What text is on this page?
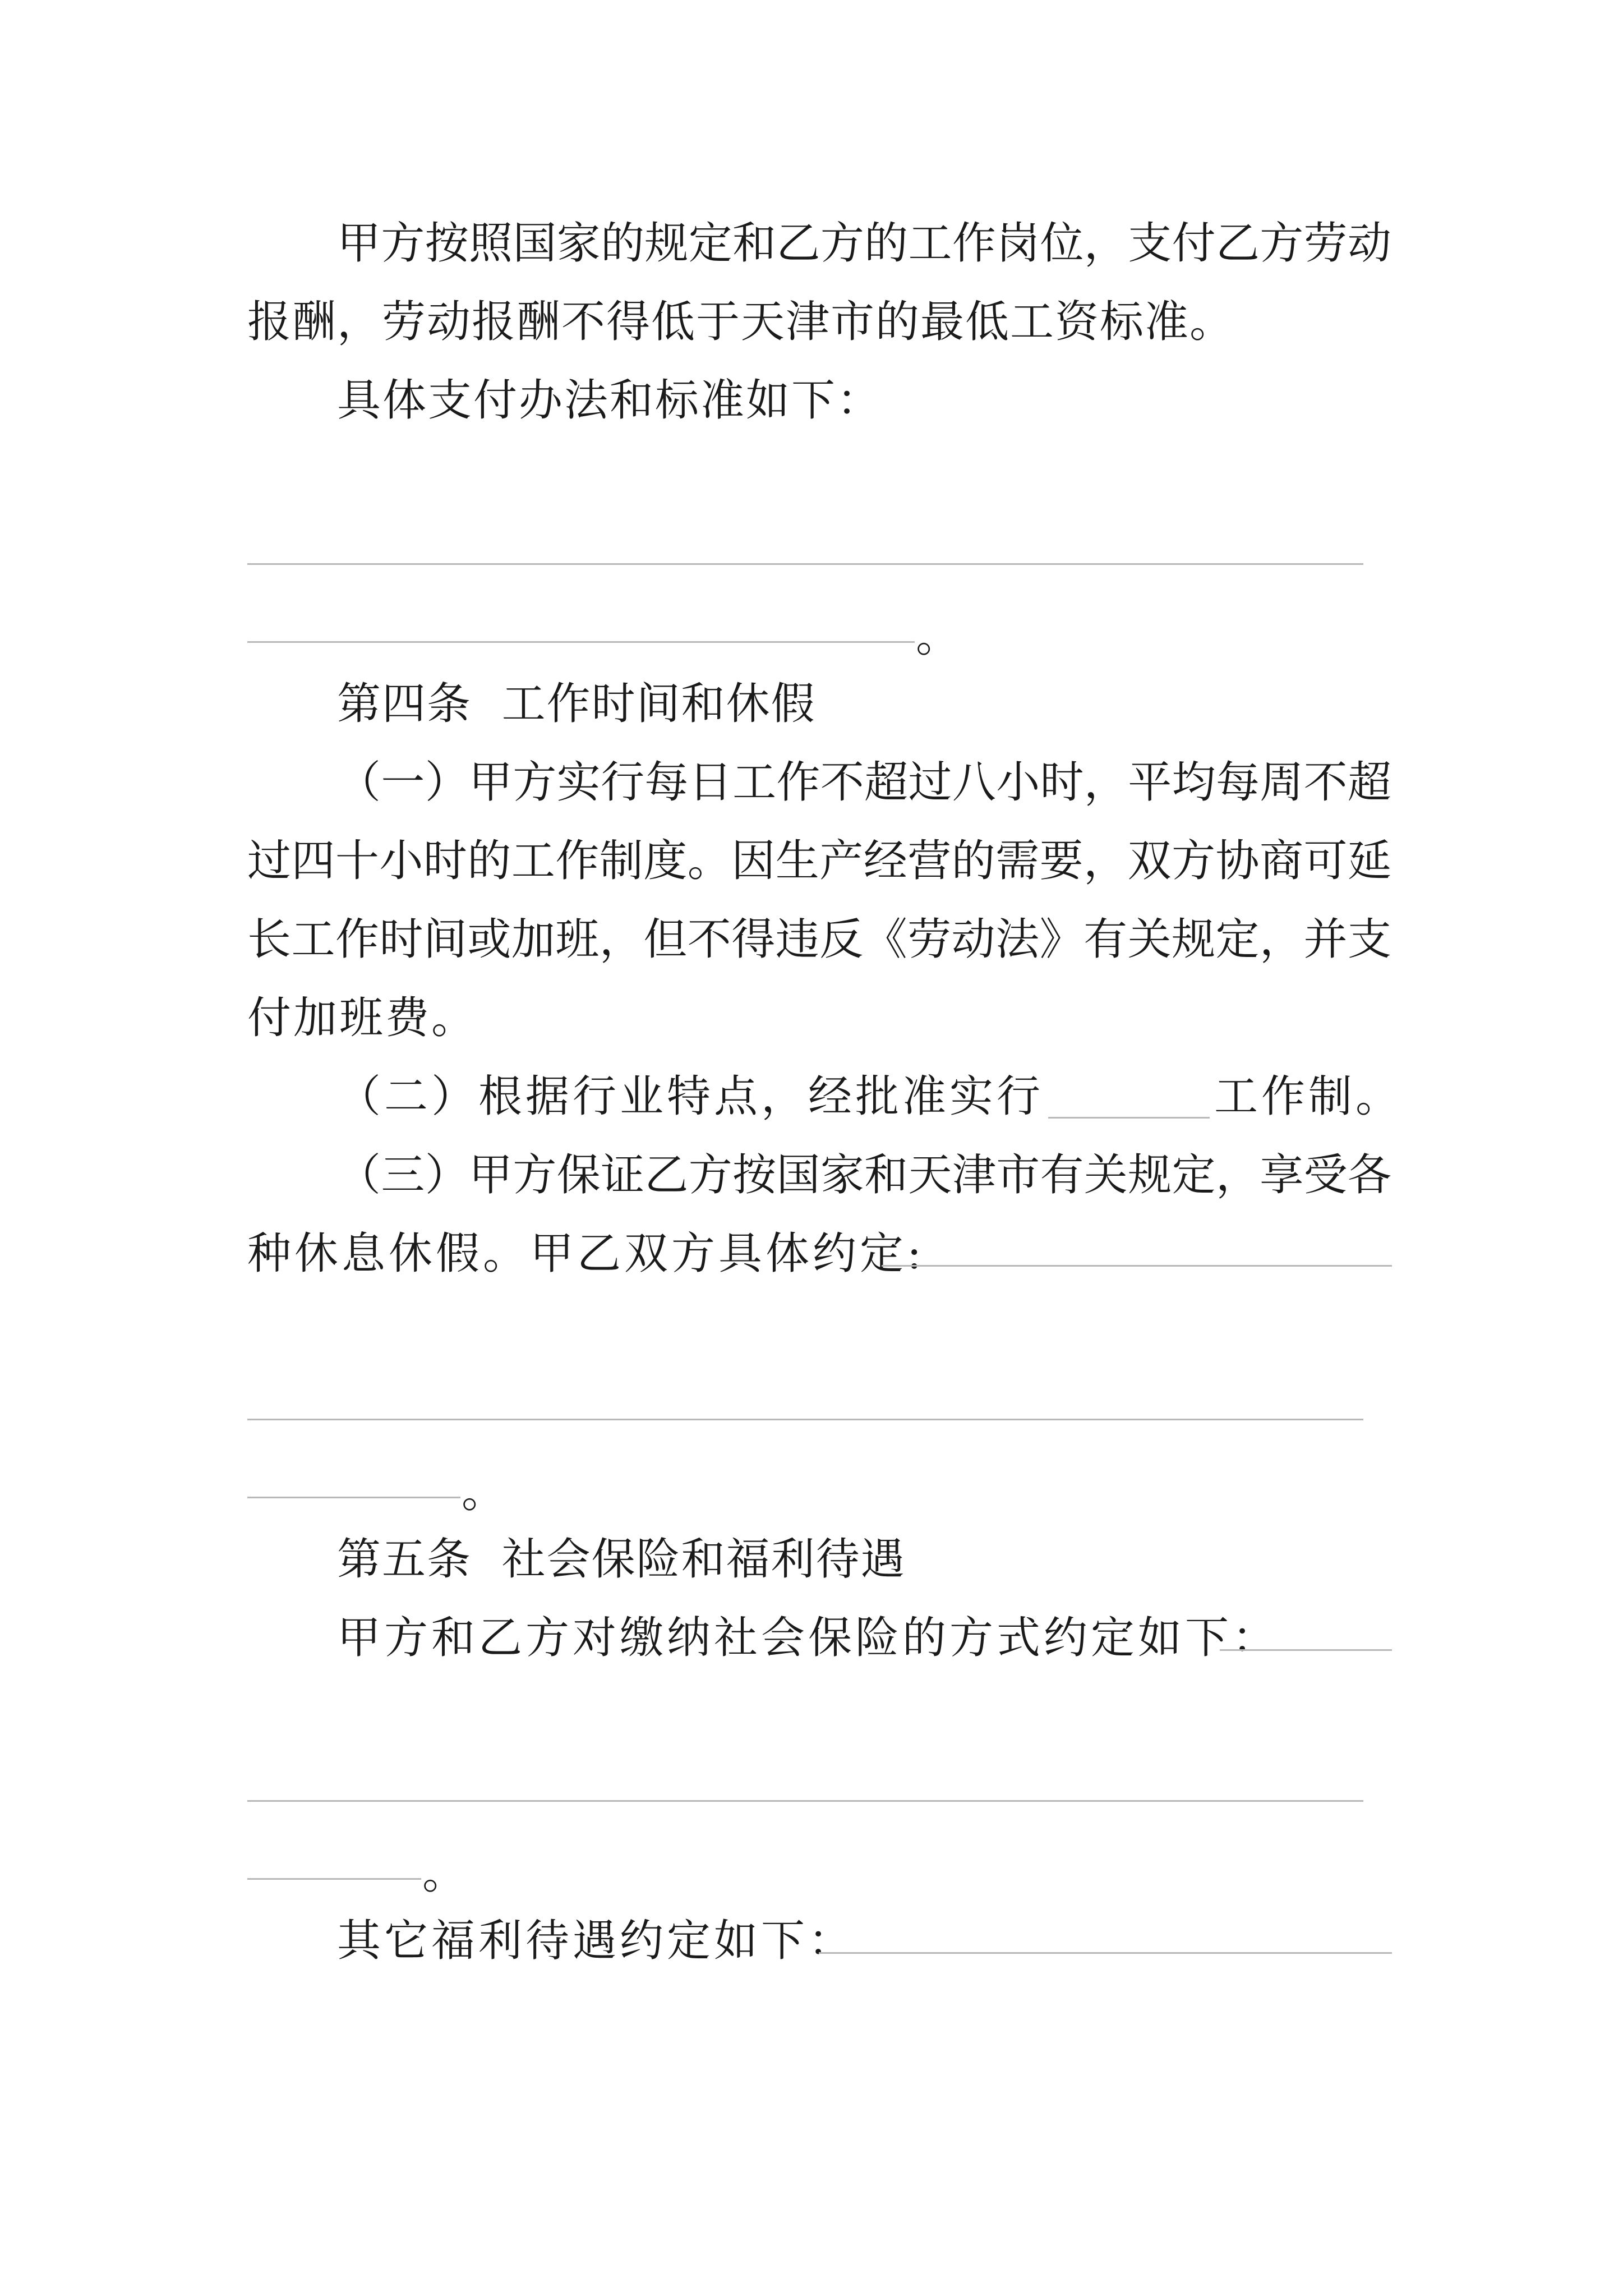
甲方按照国家的规定和乙方的工作岗位，支付乙方劳动
报酬，劳动报酬不得低于天津市的最低工资标准。
具体支付办法和标准如下：
。
第四条  工作时间和休假
（一）甲方实行每日工作不超过八小时，平均每周不超
过四十小时的工作制度。因生产经营的需要，双方协商可延
长工作时间或加班，但不得违反《劳动法》有关规定，并支
付加班费。
（二）根据行业特点，经批准实行	工作制。
（三）甲方保证乙方按国家和天津市有关规定，享受各
种休息休假。甲乙双方具体约定:
。
第五条  社会保险和福利待遇
甲方和乙方对缴纳社会保险的方式约定如下：
。
其它福利待遇约定如下：
